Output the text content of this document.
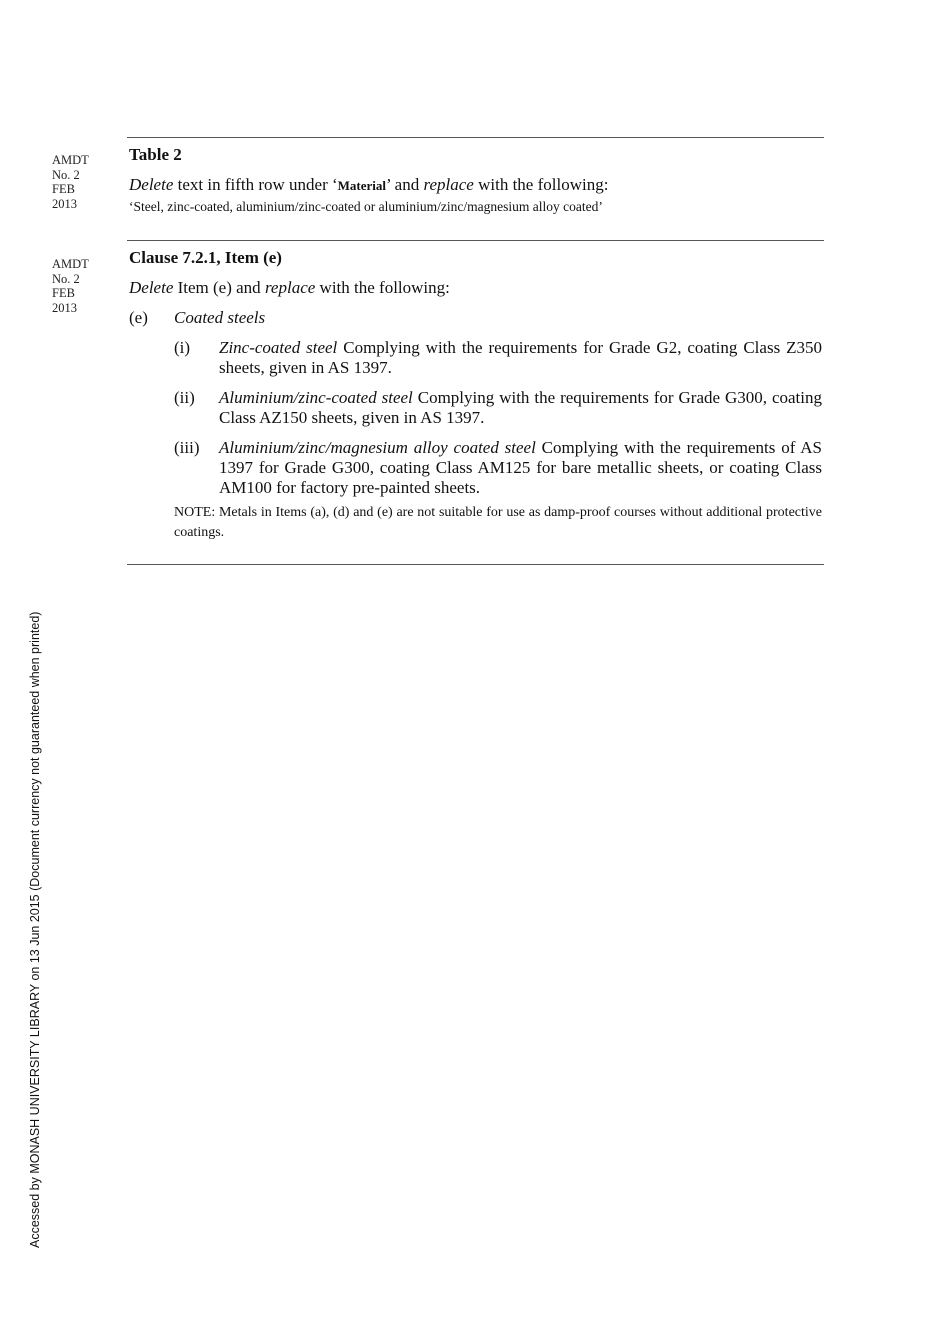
AMDT
No. 2
FEB
2013
Table 2
Delete text in fifth row under ‘Material’ and replace with the following:
‘Steel, zinc-coated, aluminium/zinc-coated or aluminium/zinc/magnesium alloy coated’
AMDT
No. 2
FEB
2013
Clause 7.2.1, Item (e)
Delete Item (e) and replace with the following:
(e) Coated steels
(i) Zinc-coated steel Complying with the requirements for Grade G2, coating Class Z350 sheets, given in AS 1397.
(ii) Aluminium/zinc-coated steel Complying with the requirements for Grade G300, coating Class AZ150 sheets, given in AS 1397.
(iii) Aluminium/zinc/magnesium alloy coated steel Complying with the requirements of AS 1397 for Grade G300, coating Class AM125 for bare metallic sheets, or coating Class AM100 for factory pre-painted sheets.
NOTE: Metals in Items (a), (d) and (e) are not suitable for use as damp-proof courses without additional protective coatings.
Accessed by MONASH UNIVERSITY LIBRARY on 13 Jun 2015 (Document currency not guaranteed when printed)
